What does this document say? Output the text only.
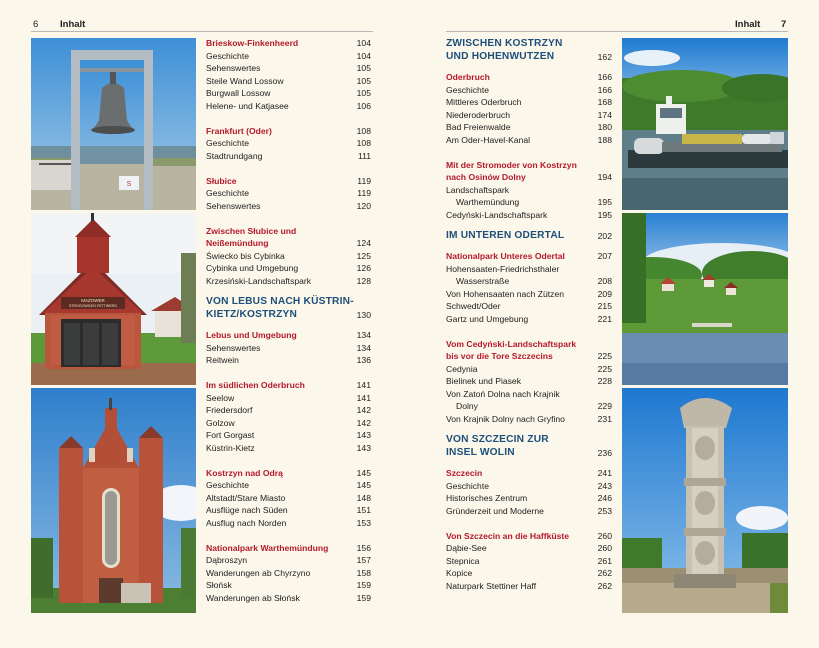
6 Inhalt	Inhalt 7
S
MAZOWER
STROGOWSZKI FETTWERG
Brieskow-Finkenheerd	104
Geschichte	104
Sehenswertes	105
Steile Wand Lossow	105
Burgwall Lossow	105
Helene- und Katjasee	106
Frankfurt (Oder)	108
Geschichte	108
Stadtrundgang	111
Słubice	119
Geschichte	119
Sehenswertes	120
Zwischen Słubice und
Neißemündung	124
Świecko bis Cybinka	125
Cybinka und Umgebung	126
Krzesiński-Landschaftspark	128
VON LEBUS NACH KÜSTRIN-
KIETZ/KOSTRZYN	130
Lebus und Umgebung	134
Sehenswertes	134
Reitwein	136
Im südlichen Oderbruch	141
Seelow	141
Friedersdorf	142
Golzow	142
Fort Gorgast	143
Küstrin-Kietz	143
Kostrzyn nad Odrą	145
Geschichte	145
Altstadt/Stare Miasto	148
Ausflüge nach Süden	151
Ausflug nach Norden	153
Nationalpark Warthemündung	156
Dąbroszyn	157
Wanderungen ab Chyrzyno	158
Słońsk	159
Wanderungen ab Słońsk	159
ZWISCHEN KOSTRZYN
UND HOHENWUTZEN	162
Oderbruch	166
Geschichte	166
Mittleres Oderbruch	168
Niederoderbruch	174
Bad Freienwalde	180
Am Oder-Havel-Kanal	188
Mit der Stromoder von Kostrzyn
nach Osinów Dolny	194
Landschaftspark
Warthemündung	195
Cedyński-Landschaftspark	195
IM UNTEREN ODERTAL	202
Nationalpark Unteres Odertal	207
Hohensaaten-Friedrichsthaler
Wasserstraße	208
Von Hohensaaten nach Zützen	209
Schwedt/Oder	215
Gartz und Umgebung	221
Vom Cedyński-Landschaftspark
bis vor die Tore Szczecins	225
Cedynia	225
Bielinek und Piasek	228
Von Zatoń Dolna nach Krajnik
Dolny	229
Von Krajnik Dolny nach Gryfino	231
VON SZCZECIN ZUR
INSEL WOLIN	236
Szczecin	241
Geschichte	243
Historisches Zentrum	246
Gründerzeit und Moderne	253
Von Szczecin an die Haffküste	260
Dąbie-See	260
Stepnica	261
Kopice	262
Naturpark Stettiner Haff	262
